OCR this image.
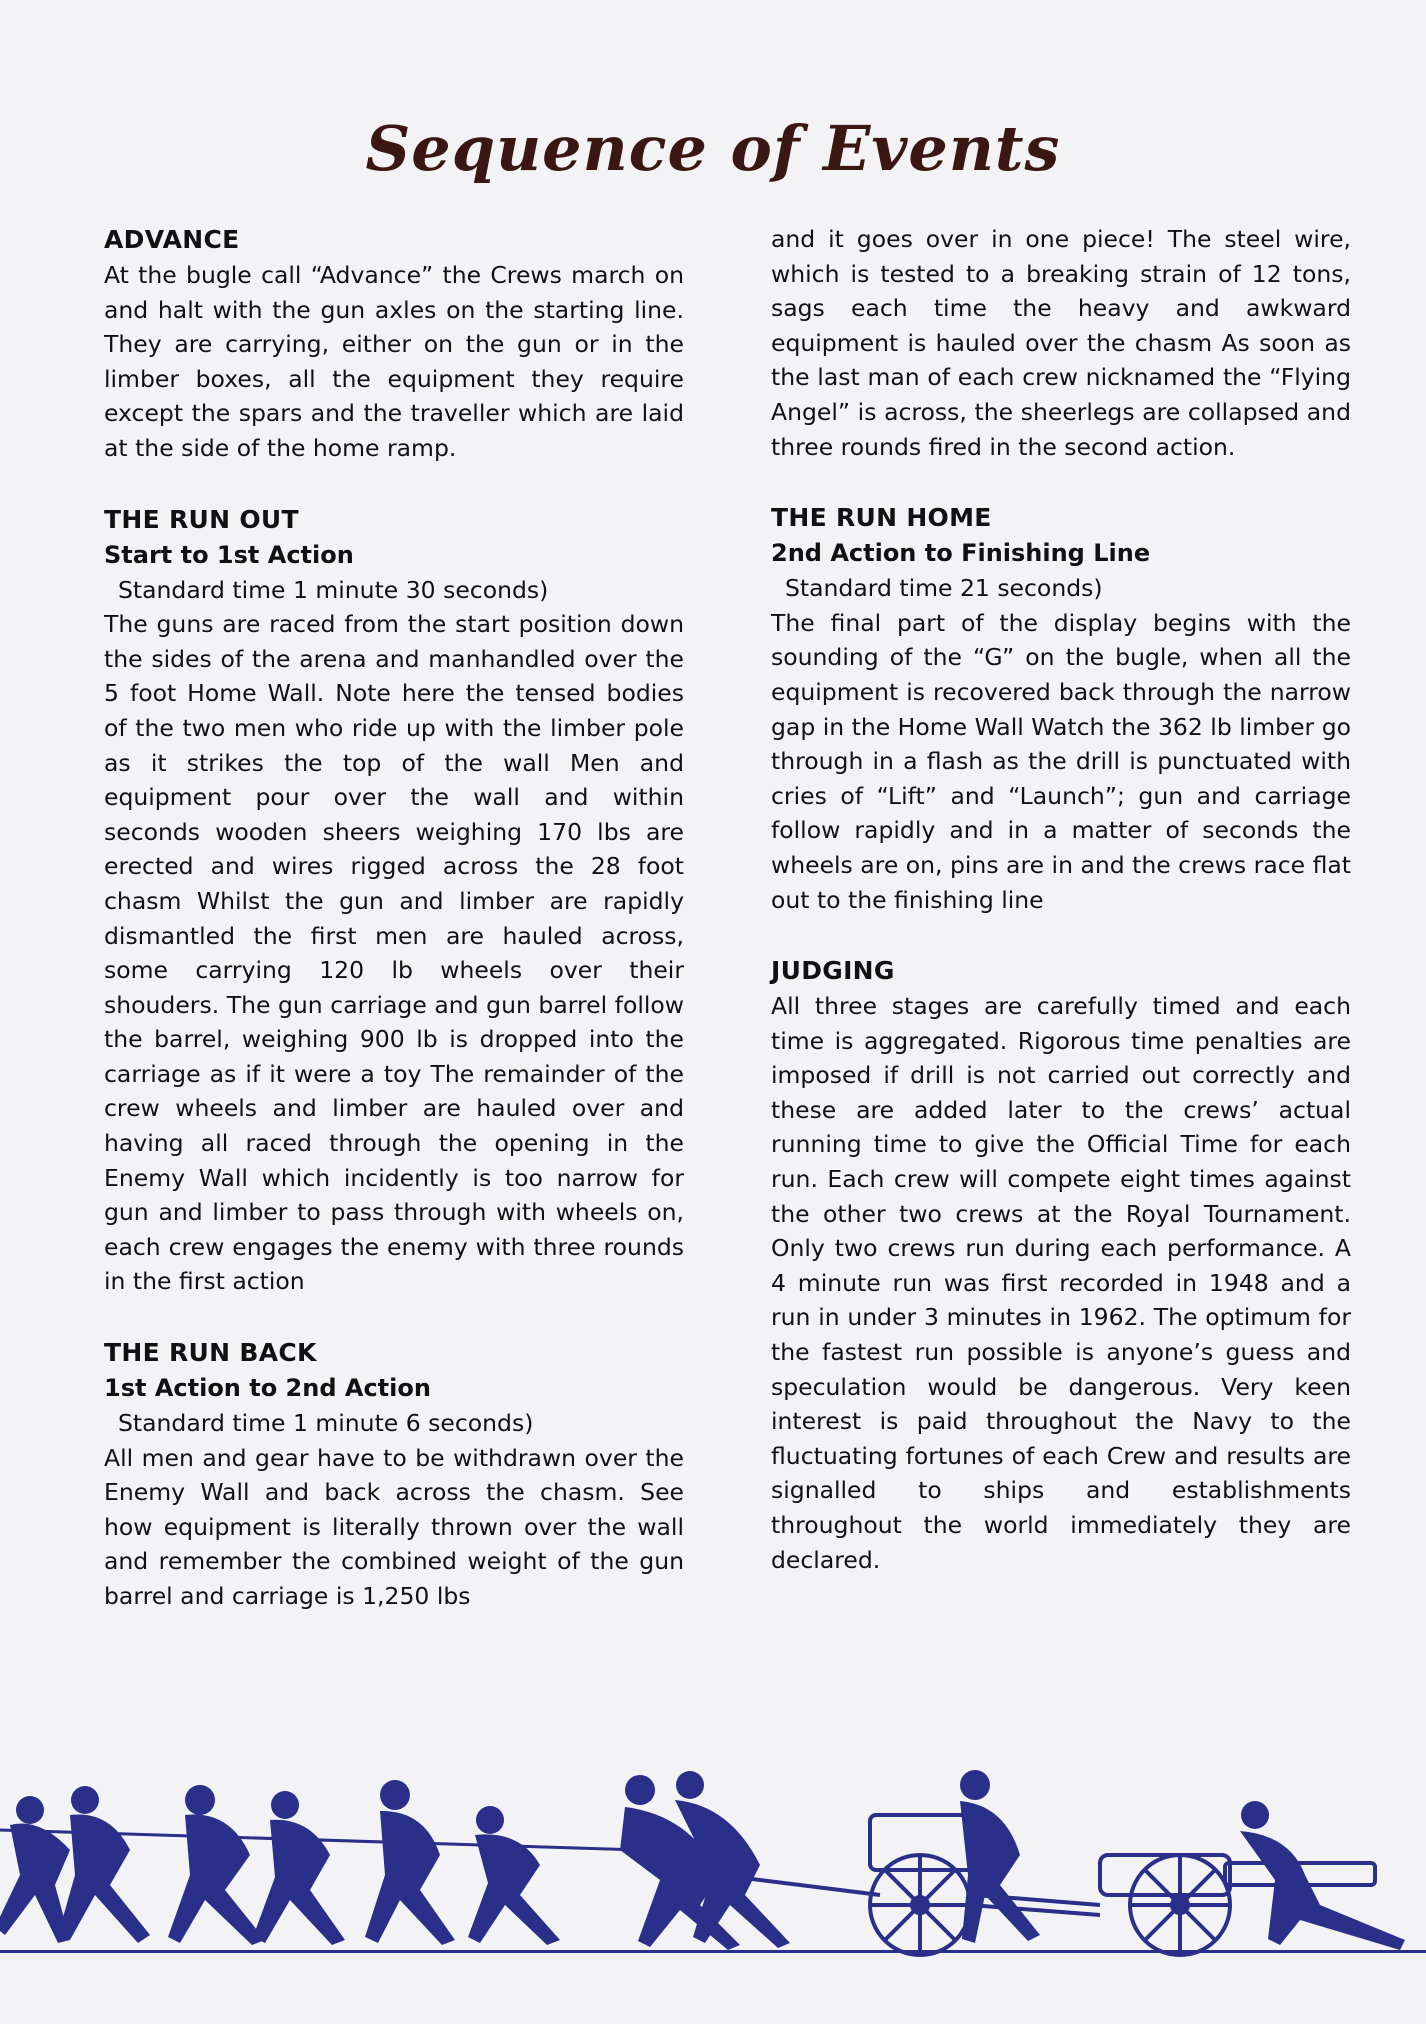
Sequence of Events

ADVANCE

At the bugle call “Advance” the Crews march on and halt with the gun axles on the starting line. They are carrying, either on the gun or in the limber boxes, all the equipment they require except the spars and the traveller which are laid at the side of the home ramp.

THE RUN OUT

Start to 1st Action

Standard time 1 minute 30 seconds)

The guns are raced from the start position down the sides of the arena and manhandled over the 5 foot Home Wall. Note here the tensed bodies of the two men who ride up with the limber pole as it strikes the top of the wall Men and equipment pour over the wall and within seconds wooden sheers weighing 170 lbs are erected and wires rigged across the 28 foot chasm Whilst the gun and limber are rapidly dismantled the first men are hauled across, some carrying 120 lb wheels over their shouders. The gun carriage and gun barrel follow the barrel, weighing 900 lb is dropped into the carriage as if it were a toy The remainder of the crew wheels and limber are hauled over and having all raced through the opening in the Enemy Wall which incidently is too narrow for gun and limber to pass through with wheels on, each crew engages the enemy with three rounds in the first action

THE RUN BACK

1st Action to 2nd Action

Standard time 1 minute 6 seconds)

All men and gear have to be withdrawn over the Enemy Wall and back across the chasm. See how equipment is literally thrown over the wall and remember the combined weight of the gun barrel and carriage is 1,250 lbs

and it goes over in one piece! The steel wire, which is tested to a breaking strain of 12 tons, sags each time the heavy and awkward equipment is hauled over the chasm As soon as the last man of each crew nicknamed the “Flying Angel” is across, the sheerlegs are collapsed and three rounds fired in the second action.

THE RUN HOME

2nd Action to Finishing Line

Standard time 21 seconds)

The final part of the display begins with the sounding of the “G” on the bugle, when all the equipment is recovered back through the narrow gap in the Home Wall Watch the 362 lb limber go through in a flash as the drill is punctuated with cries of “Lift” and “Launch”; gun and carriage follow rapidly and in a matter of seconds the wheels are on, pins are in and the crews race flat out to the finishing line

JUDGING

All three stages are carefully timed and each time is aggregated. Rigorous time penalties are imposed if drill is not carried out correctly and these are added later to the crews’ actual running time to give the Official Time for each run. Each crew will compete eight times against the other two crews at the Royal Tournament. Only two crews run during each performance. A 4 minute run was first recorded in 1948 and a run in under 3 minutes in 1962. The optimum for the fastest run possible is anyone’s guess and speculation would be dangerous. Very keen interest is paid throughout the Navy to the fluctuating fortunes of each Crew and results are signalled to ships and establishments throughout the world immediately they are declared.
